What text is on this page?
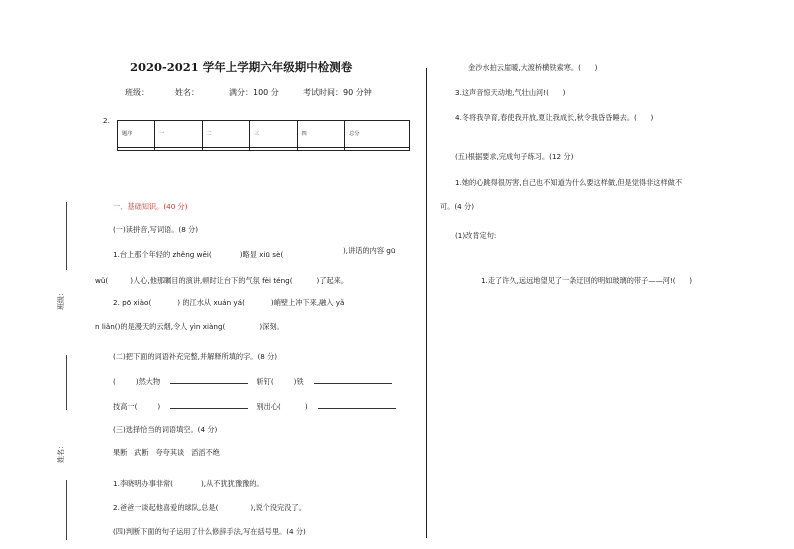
2020-2021 学年上学期六年级期中检测卷
班级：	姓名：	满分：100 分	考试时间：90 分钟
2.
题序	一	二	三	四	总分

班级：
姓名：
一、基础知识。(40 分)
(一)读拼音,写词语。(8 分)
1.台上那个年轻的 zhěnɡ wēi(	)略显 xiū sè(	),讲话的内容 gū
wǔ(	)人心,他那瞩目的演讲,顿时让台下的气氛 fèi ténɡ(	)了起来。
2. pō xiào(	) 的江水从 xuán yá(	)峭壁上冲下来,融入 yǎ
n liǎn()的是漫天的云烟,令人 yìn xiànɡ(	)深刻。
(二)把下面的词语补充完整,并解释所填的字。(8 分)
(	)然大物	斩钉(	)铁
技高一(	)	别出心(	)
(三)选择恰当的词语填空。(4 分)
果断   武断   夸夸其谈   滔滔不绝
1.李晓明办事非常(	),从不犹犹豫豫的。
2.爸爸一谈起他喜爱的球队,总是(	),说个没完没了。
(四)判断下面的句子运用了什么修辞手法,写在括号里。(4 分)
金沙水拍云崖暖,大渡桥横铁索寒。(      )
3.这声音惊天动地,气壮山河!(      )
4.冬将我孕育,春使我开放,夏让我成长,秋令我昏昏睡去。(      )
(五)根据要求,完成句子练习。(12 分)
1.她的心跳得很厉害,自己也不知道为什么要这样做,但是觉得非这样做不
可。(4 分)
(1)改肯定句:
1.走了许久,远远地望见了一条迂回的明如玻璃的带子——河!(      )
